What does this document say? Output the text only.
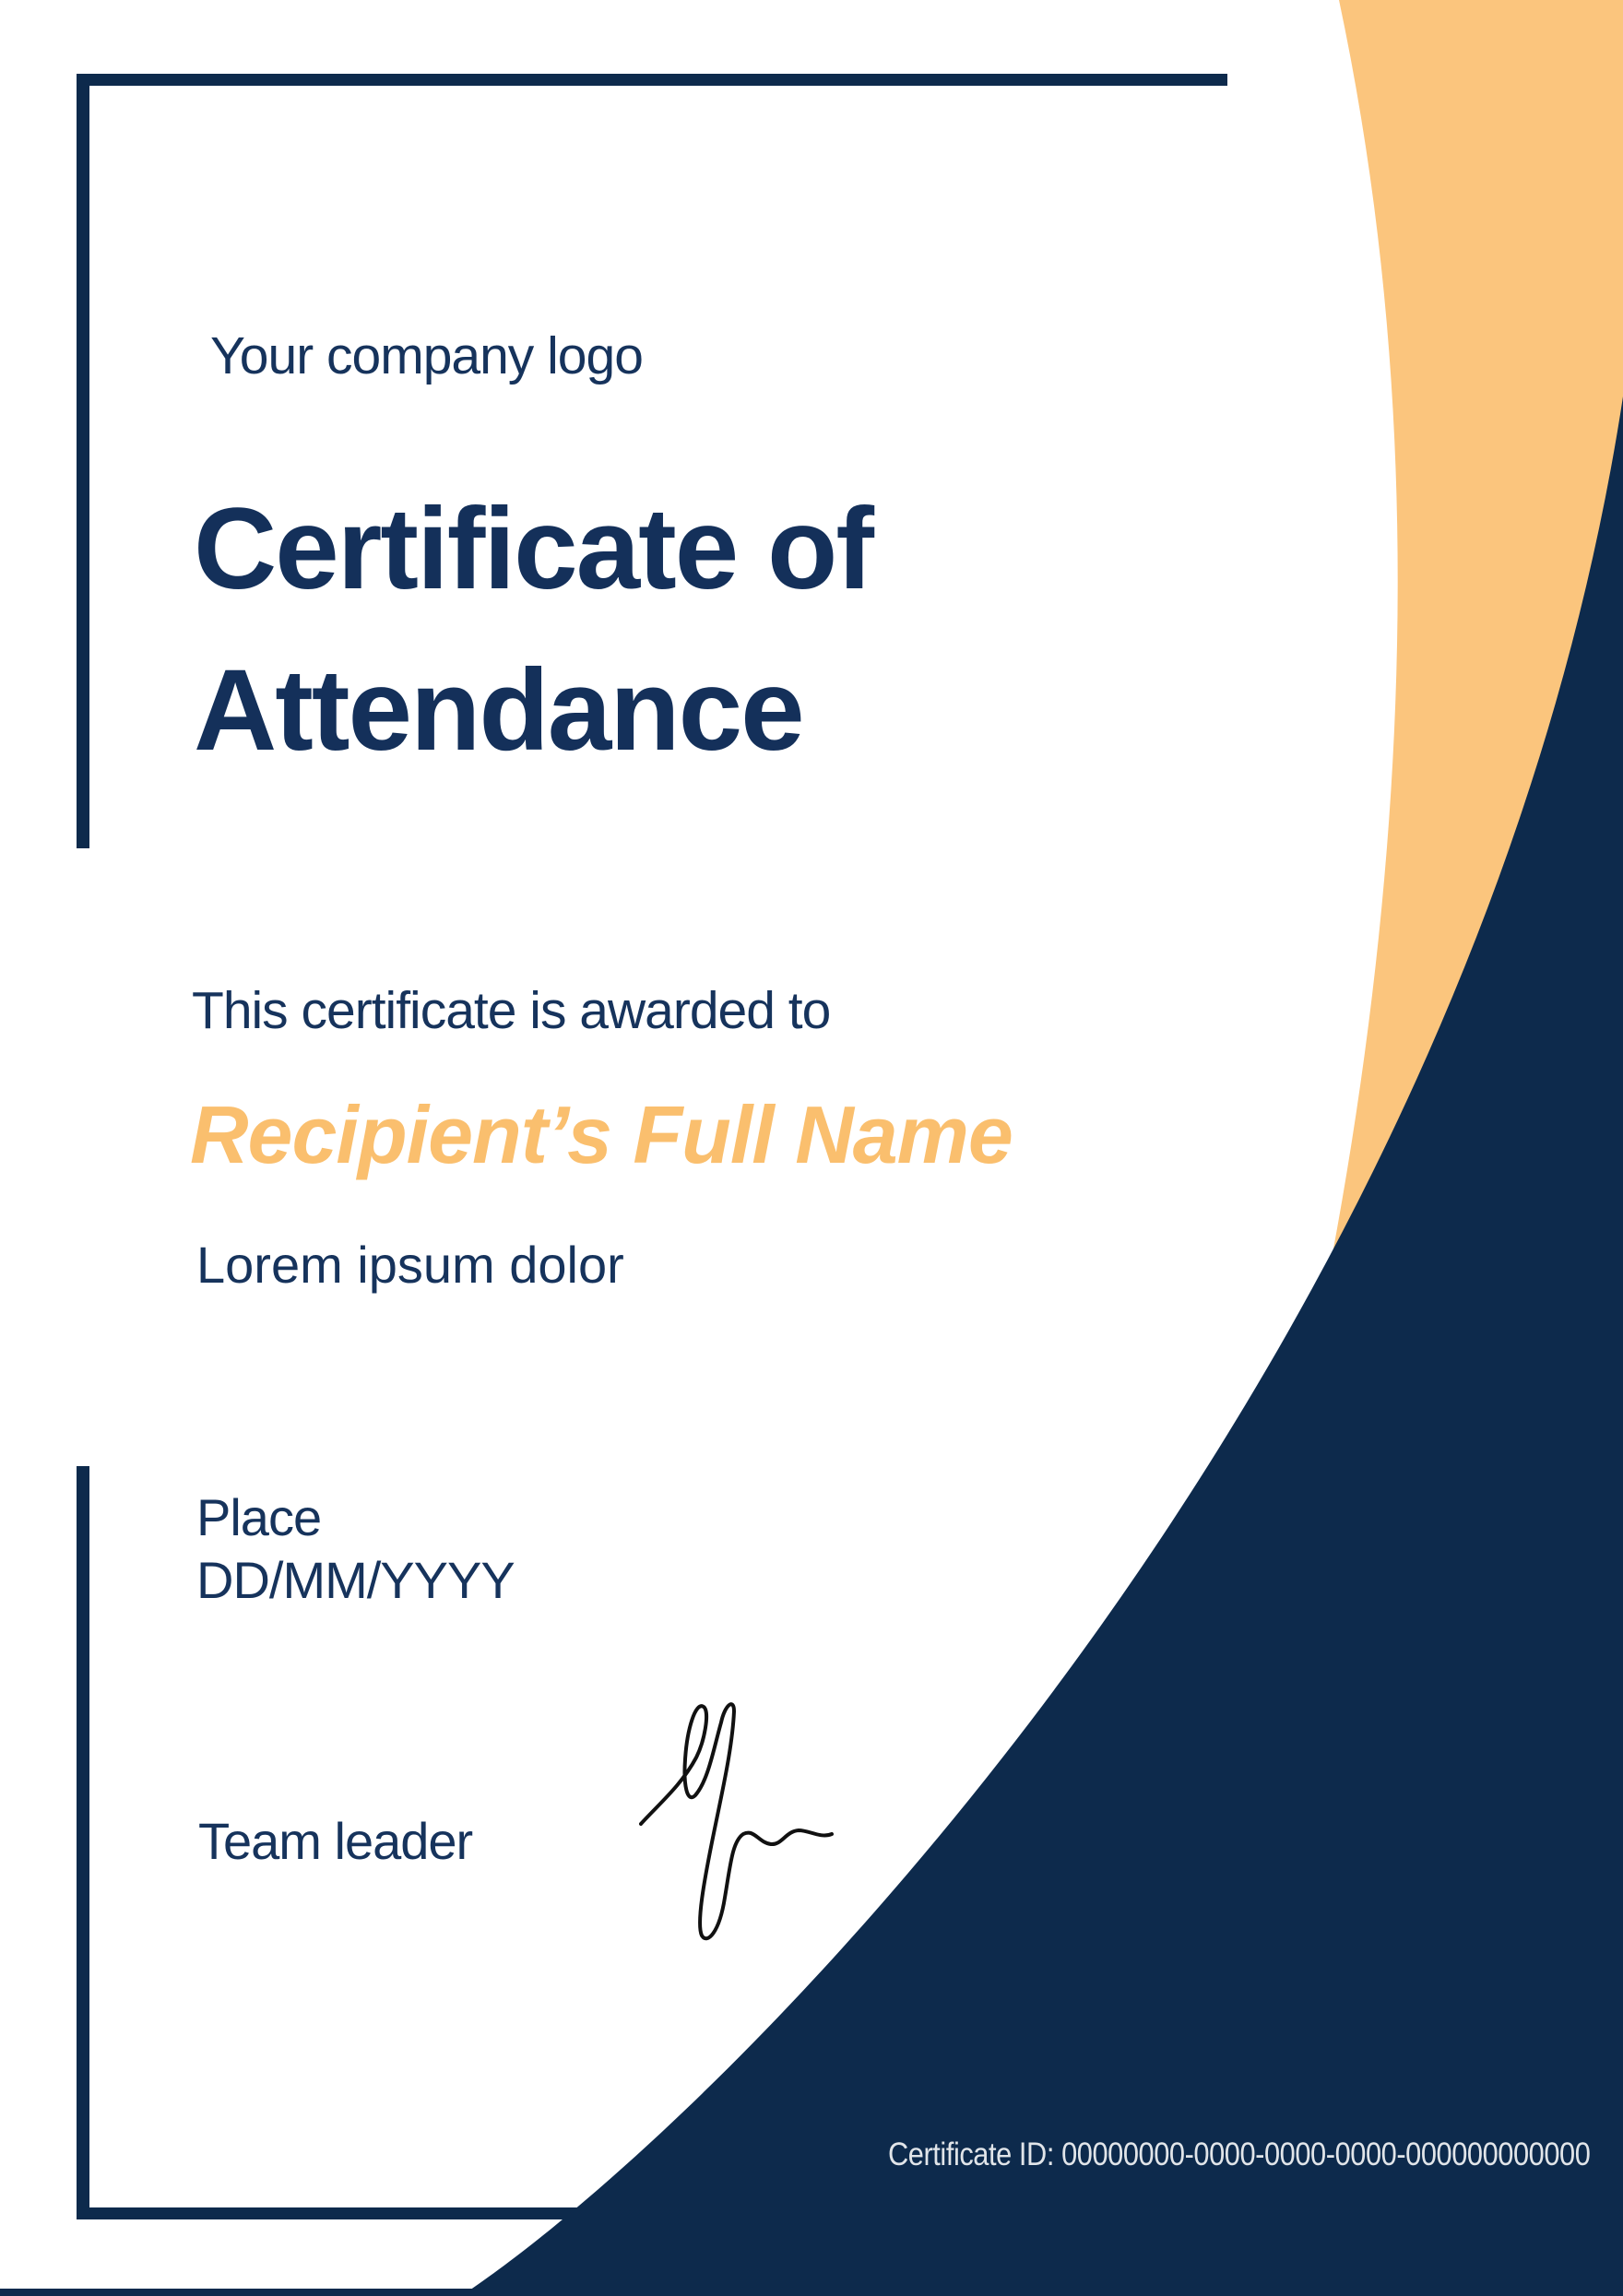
Your company logo
Certificate of
Attendance
This certificate is awarded to
Recipient’s Full Name
Lorem ipsum dolor
Place
DD/MM/YYYY
Team leader
Certificate ID: 00000000-0000-0000-0000-000000000000
